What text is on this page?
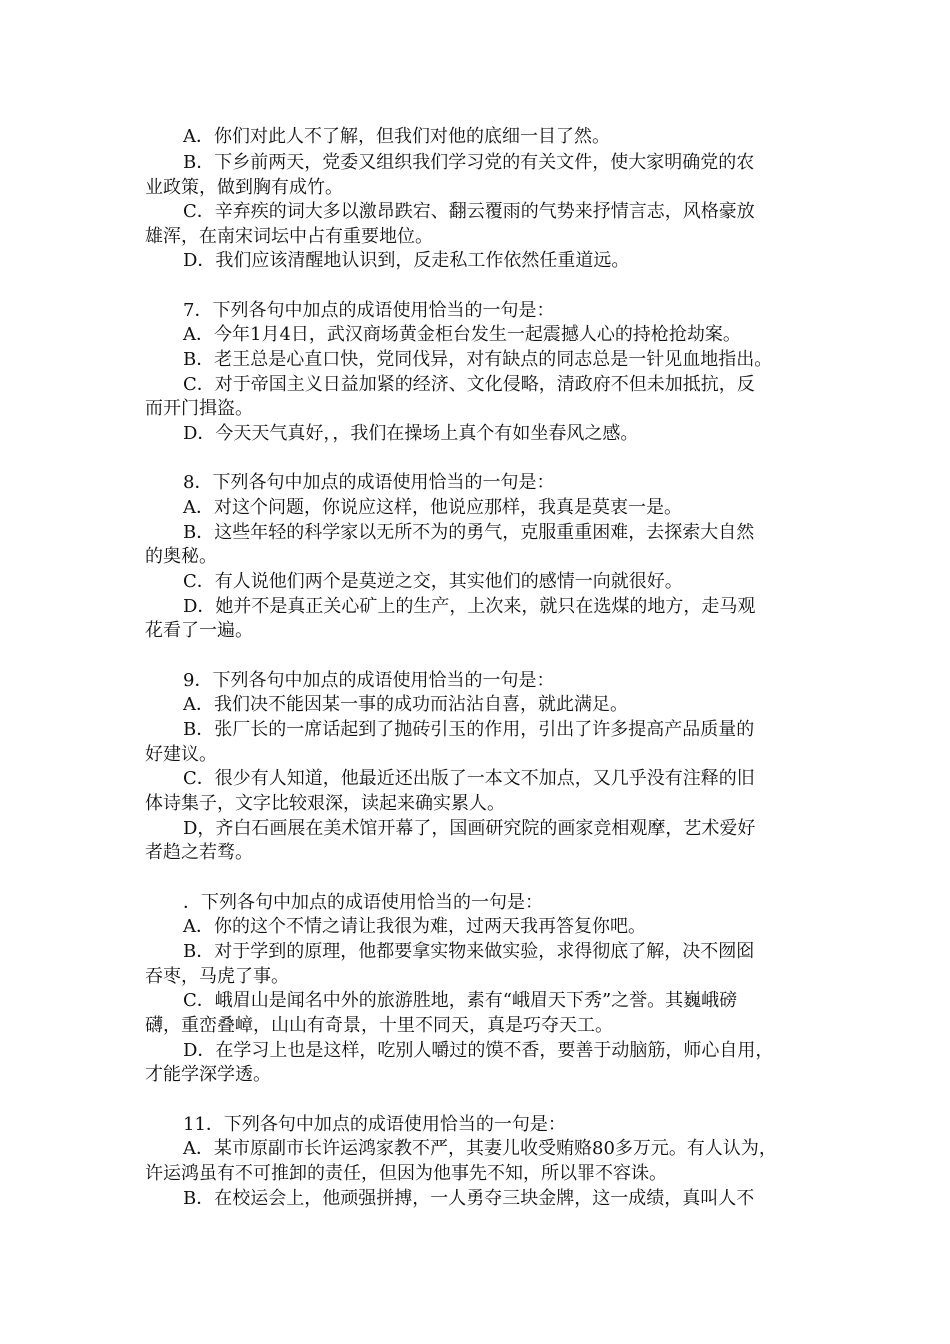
A．你们对此人不了解，但我们对他的底细一目了然。
B．下乡前两天，党委又组织我们学习党的有关文件，使大家明确党的农
业政策，做到胸有成竹。
C．辛弃疾的词大多以激昂跌宕、翻云覆雨的气势来抒情言志，风格豪放
雄浑，在南宋词坛中占有重要地位。
D．我们应该清醒地认识到，反走私工作依然任重道远。
7．下列各句中加点的成语使用恰当的一句是：
A．今年1月4日，武汉商场黄金柜台发生一起震撼人心的持枪抢劫案。
B．老王总是心直口快，党同伐异，对有缺点的同志总是一针见血地指出。
C．对于帝国主义日益加紧的经济、文化侵略，清政府不但未加抵抗，反
而开门揖盗。
D．今天天气真好，，我们在操场上真个有如坐春风之感。
8．下列各句中加点的成语使用恰当的一句是：
A．对这个问题，你说应这样，他说应那样，我真是莫衷一是。
B．这些年轻的科学家以无所不为的勇气，克服重重困难，去探索大自然
的奥秘。
C．有人说他们两个是莫逆之交，其实他们的感情一向就很好。
D．她并不是真正关心矿上的生产，上次来，就只在选煤的地方，走马观
花看了一遍。
9．下列各句中加点的成语使用恰当的一句是：
A．我们决不能因某一事的成功而沾沾自喜，就此满足。
B．张厂长的一席话起到了抛砖引玉的作用，引出了许多提高产品质量的
好建议。
C．很少有人知道，他最近还出版了一本文不加点，又几乎没有注释的旧
体诗集子，文字比较艰深，读起来确实累人。
D，齐白石画展在美术馆开幕了，国画研究院的画家竞相观摩，艺术爱好
者趋之若骛。
．下列各句中加点的成语使用恰当的一句是：
A．你的这个不情之请让我很为难，过两天我再答复你吧。
B．对于学到的原理，他都要拿实物来做实验，求得彻底了解，决不囫囵
吞枣，马虎了事。
C．峨眉山是闻名中外的旅游胜地，素有“峨眉天下秀”之誉。其巍峨磅
礴，重峦叠嶂，山山有奇景，十里不同天，真是巧夺天工。
D．在学习上也是这样，吃别人嚼过的馍不香，要善于动脑筋，师心自用，
才能学深学透。
11．下列各句中加点的成语使用恰当的一句是：
A．某市原副市长许运鸿家教不严，其妻儿收受贿赂80多万元。有人认为，
许运鸿虽有不可推卸的责任，但因为他事先不知，所以罪不容诛。
B．在校运会上，他顽强拼搏，一人勇夺三块金牌，这一成绩，真叫人不
